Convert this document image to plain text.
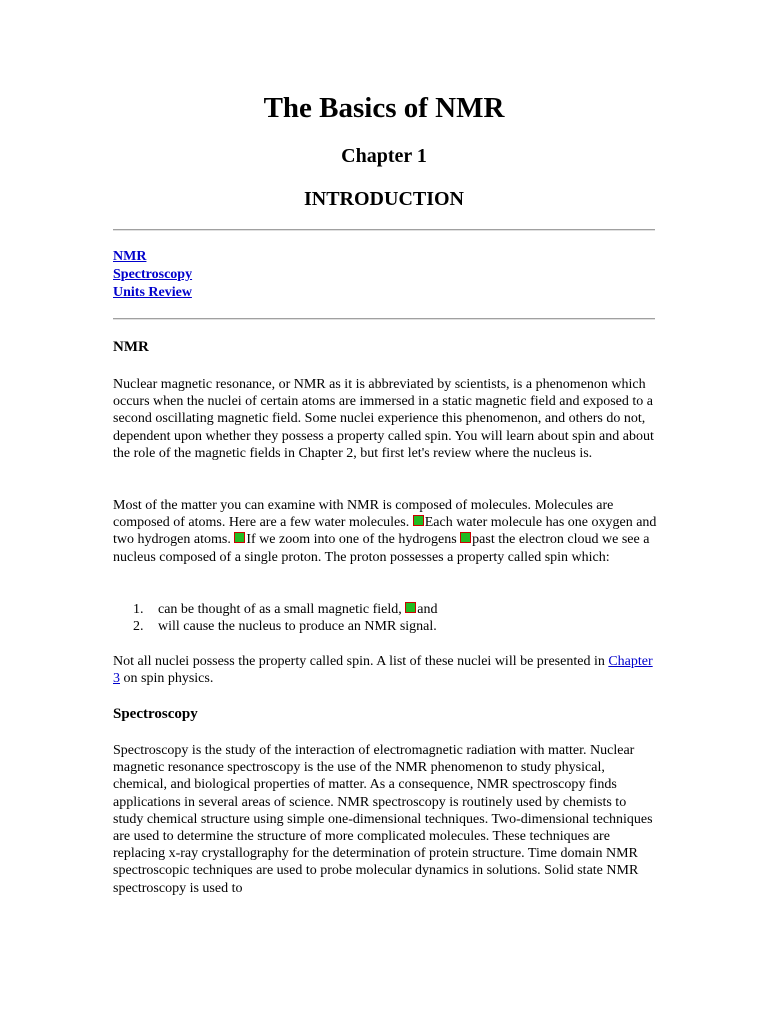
The Basics of NMR
Chapter 1
INTRODUCTION
NMR
Spectroscopy
Units Review
NMR
Nuclear magnetic resonance, or NMR as it is abbreviated by scientists, is a phenomenon which occurs when the nuclei of certain atoms are immersed in a static magnetic field and exposed to a second oscillating magnetic field. Some nuclei experience this phenomenon, and others do not, dependent upon whether they possess a property called spin. You will learn about spin and about the role of the magnetic fields in Chapter 2, but first let's review where the nucleus is.
Most of the matter you can examine with NMR is composed of molecules. Molecules are composed of atoms. Here are a few water molecules. Each water molecule has one oxygen and two hydrogen atoms. If we zoom into one of the hydrogens past the electron cloud we see a nucleus composed of a single proton. The proton possesses a property called spin which:
1. can be thought of as a small magnetic field, and
2. will cause the nucleus to produce an NMR signal.
Not all nuclei possess the property called spin. A list of these nuclei will be presented in Chapter 3 on spin physics.
Spectroscopy
Spectroscopy is the study of the interaction of electromagnetic radiation with matter. Nuclear magnetic resonance spectroscopy is the use of the NMR phenomenon to study physical, chemical, and biological properties of matter. As a consequence, NMR spectroscopy finds applications in several areas of science. NMR spectroscopy is routinely used by chemists to study chemical structure using simple one-dimensional techniques. Two-dimensional techniques are used to determine the structure of more complicated molecules. These techniques are replacing x-ray crystallography for the determination of protein structure. Time domain NMR spectroscopic techniques are used to probe molecular dynamics in solutions. Solid state NMR spectroscopy is used to
